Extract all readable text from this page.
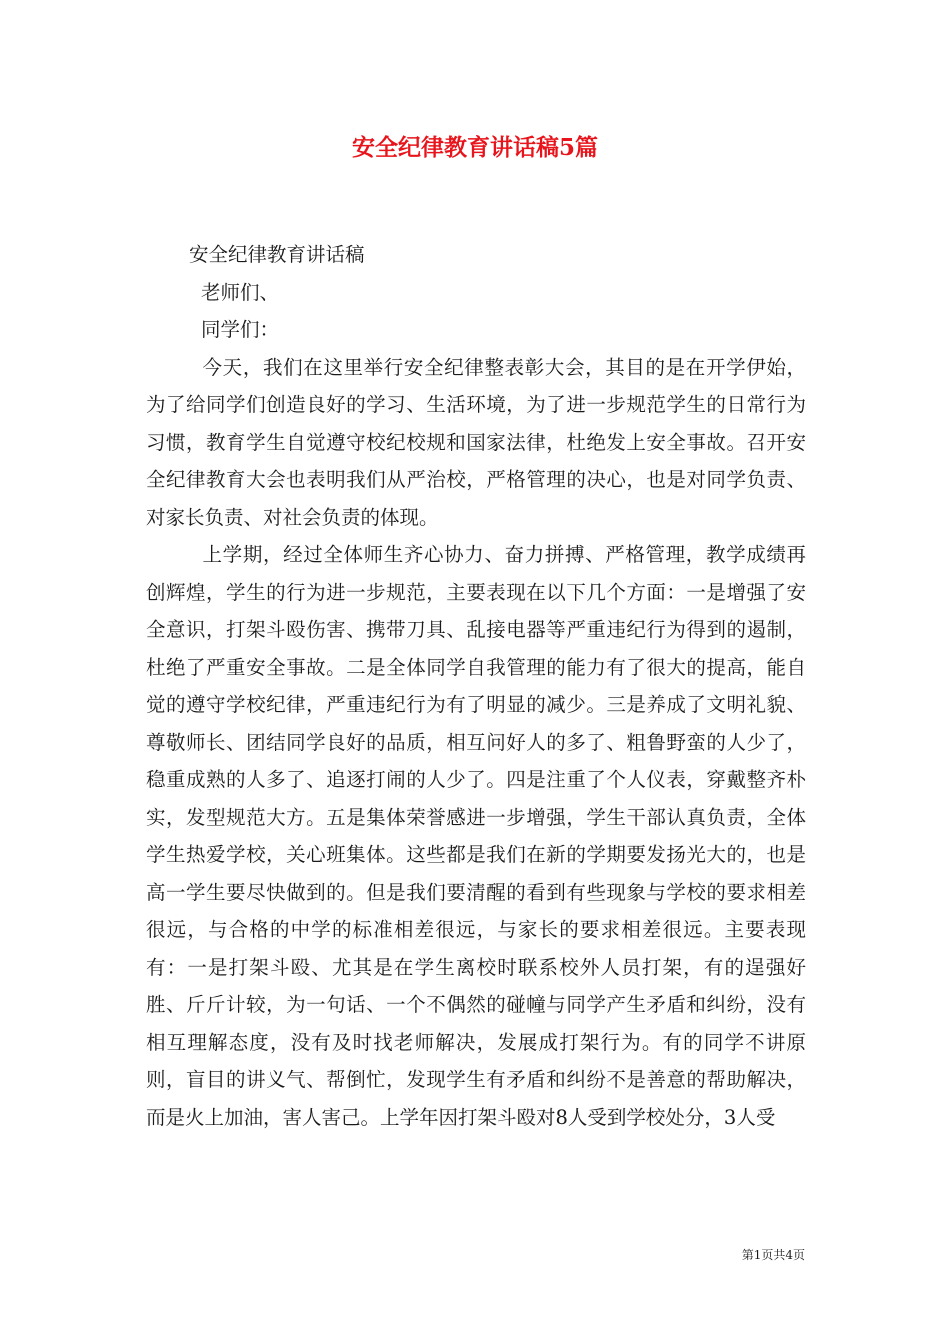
安全纪律教育讲话稿5篇

安全纪律教育讲话稿

老师们、

同学们：

今天，我们在这里举行安全纪律整表彰大会，其目的是在开学伊始，为了给同学们创造良好的学习、生活环境，为了进一步规范学生的日常行为习惯，教育学生自觉遵守校纪校规和国家法律，杜绝发上安全事故。召开安全纪律教育大会也表明我们从严治校，严格管理的决心，也是对同学负责、对家长负责、对社会负责的体现。

上学期，经过全体师生齐心协力、奋力拼搏、严格管理，教学成绩再创辉煌，学生的行为进一步规范，主要表现在以下几个方面：一是增强了安全意识，打架斗殴伤害、携带刀具、乱接电器等严重违纪行为得到的遏制，杜绝了严重安全事故。二是全体同学自我管理的能力有了很大的提高，能自觉的遵守学校纪律，严重违纪行为有了明显的减少。三是养成了文明礼貌、尊敬师长、团结同学良好的品质，相互问好人的多了、粗鲁野蛮的人少了，稳重成熟的人多了、追逐打闹的人少了。四是注重了个人仪表，穿戴整齐朴实，发型规范大方。五是集体荣誉感进一步增强，学生干部认真负责，全体学生热爱学校，关心班集体。这些都是我们在新的学期要发扬光大的，也是高一学生要尽快做到的。但是我们要清醒的看到有些现象与学校的要求相差很远，与合格的中学的标准相差很远，与家长的要求相差很远。主要表现有：一是打架斗殴、尤其是在学生离校时联系校外人员打架，有的逞强好胜、斤斤计较，为一句话、一个不偶然的碰幢与同学产生矛盾和纠纷，没有相互理解态度，没有及时找老师解决，发展成打架行为。有的同学不讲原则，盲目的讲义气、帮倒忙，发现学生有矛盾和纠纷不是善意的帮助解决，而是火上加油，害人害己。上学年因打架斗殴对8人受到学校处分，3人受

第1页共4页
